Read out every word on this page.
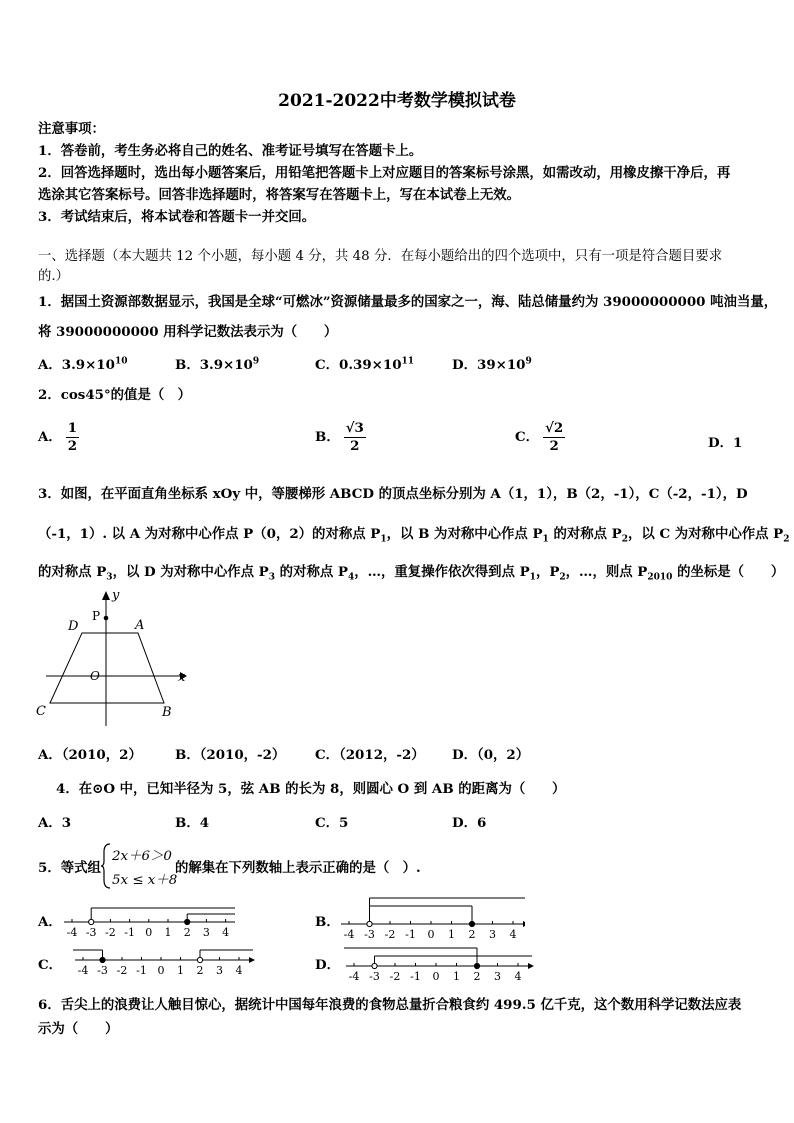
2021-2022中考数学模拟试卷
注意事项：
1．答卷前，考生务必将自己的姓名、准考证号填写在答题卡上。
2．回答选择题时，选出每小题答案后，用铅笔把答题卡上对应题目的答案标号涂黑，如需改动，用橡皮擦干净后，再
选涂其它答案标号。回答非选择题时，将答案写在答题卡上，写在本试卷上无效。
3．考试结束后，将本试卷和答题卡一并交回。
一、选择题（本大题共 12 个小题，每小题 4 分，共 48 分．在每小题给出的四个选项中，只有一项是符合题目要求
的.）
1．据国土资源部数据显示，我国是全球“可燃冰”资源储量最多的国家之一，海、陆总储量约为 39000000000 吨油当量，
将 39000000000 用科学记数法表示为（　　）
A．$3.9\times 10^{10}$	B．$3.9\times 10^9$	C．$0.39\times 10^{11}$	D．$39\times 10^9$
2．cos45°的值是（　）
A． $\frac{1}{2}$	B． $\frac{√3}{2}$	C． $\frac{√2}{2}$	D．1
3．如图，在平面直角坐标系 xOy 中，等腰梯形 ABCD 的顶点坐标分别为 A（1，1），B（2，-1），C（-2，-1），D
（-1，1）. 以 A 为对称中心作点 P（0，2）的对称点 $P_1$，以 B 为对称中心作点 $P_1$ 的对称点 $P_2$，以 C 为对称中心作点 $P_2$
的对称点 $P_3$，以 D 为对称中心作点 $P_3$ 的对称点 $P_4$，…，重复操作依次得到点 $P_1$，$P_2$，…，则点 $P_{2010}$ 的坐标是（　　）
D	A
P
O	x
y
C	B
A．（2010，2） B．（2010，-2） C．（2012，-2） D．（0，2）
4．在⊙O 中，已知半径为 5，弦 AB 的长为 8，则圆心 O 到 AB 的距离为（　　）
A．3	B．4	C．5	D．6
5．等式组
2x＋6＞0
5x ≤ x＋8
的解集在下列数轴上表示正确的是（　）.
A．	B．
C．	D．
-4 -3 -2 -1 0 1 2 3 4	-4 -3 -2 -1 0 1 2 3 4
-4 -3 -2 -1 0 1 2 3 4	-4 -3 -2 -1 0 1 2 3 4
6．舌尖上的浪费让人触目惊心，据统计中国每年浪费的食物总量折合粮食约 499.5 亿千克，这个数用科学记数法应表
示为（　　）
